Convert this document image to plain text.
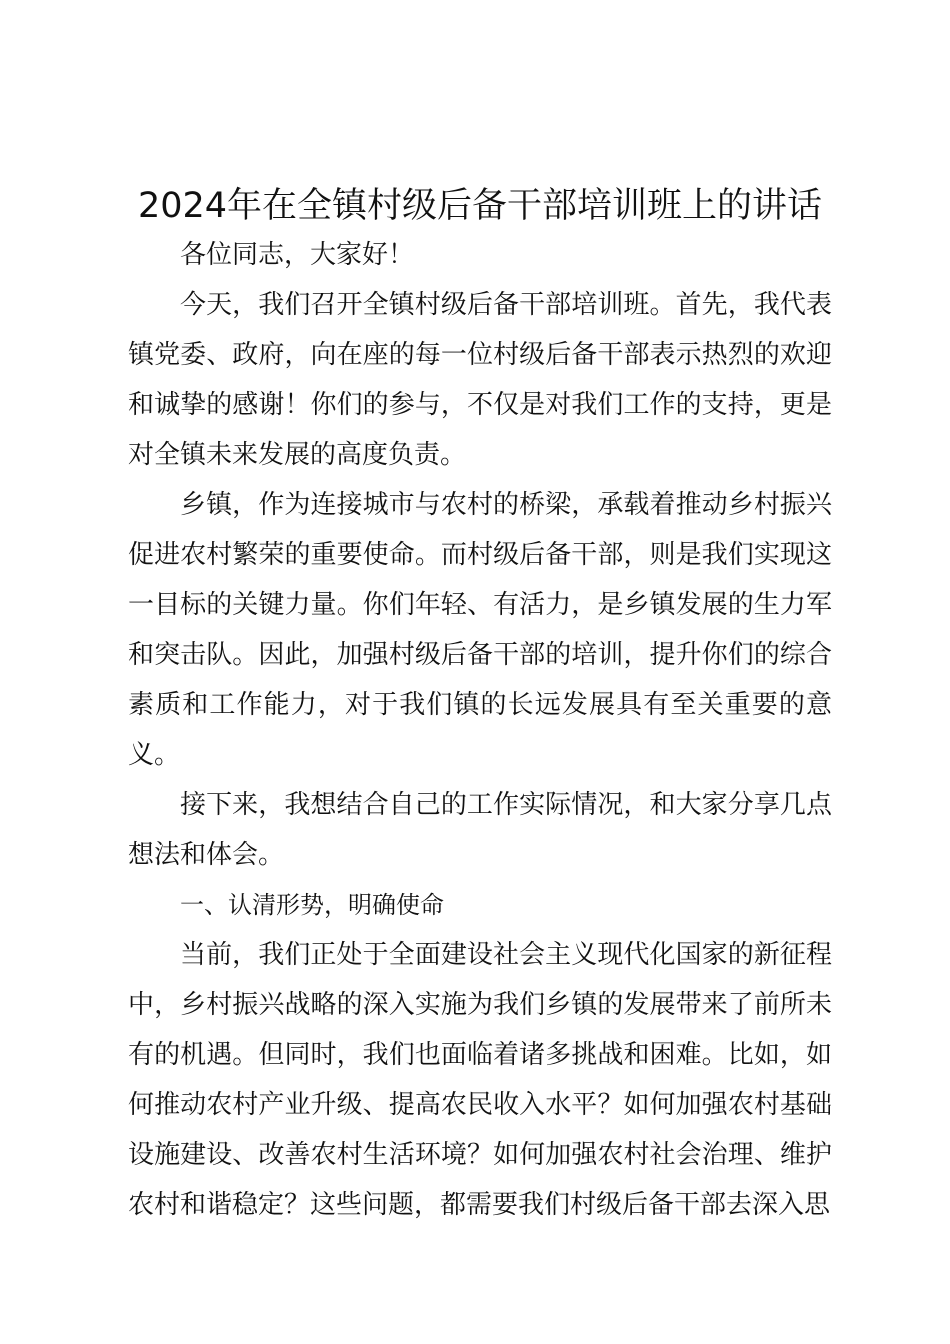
2024年在全镇村级后备干部培训班上的讲话

各位同志，大家好！

今天，我们召开全镇村级后备干部培训班。首先，我代表镇党委、政府，向在座的每一位村级后备干部表示热烈的欢迎和诚挚的感谢！你们的参与，不仅是对我们工作的支持，更是对全镇未来发展的高度负责。

乡镇，作为连接城市与农村的桥梁，承载着推动乡村振兴促进农村繁荣的重要使命。而村级后备干部，则是我们实现这一目标的关键力量。你们年轻、有活力，是乡镇发展的生力军和突击队。因此，加强村级后备干部的培训，提升你们的综合素质和工作能力，对于我们镇的长远发展具有至关重要的意义。

接下来，我想结合自己的工作实际情况，和大家分享几点想法和体会。

一、认清形势，明确使命

当前，我们正处于全面建设社会主义现代化国家的新征程中，乡村振兴战略的深入实施为我们乡镇的发展带来了前所未有的机遇。但同时，我们也面临着诸多挑战和困难。比如，如何推动农村产业升级、提高农民收入水平？如何加强农村基础设施建设、改善农村生活环境？如何加强农村社会治理、维护农村和谐稳定？这些问题，都需要我们村级后备干部去深入思
